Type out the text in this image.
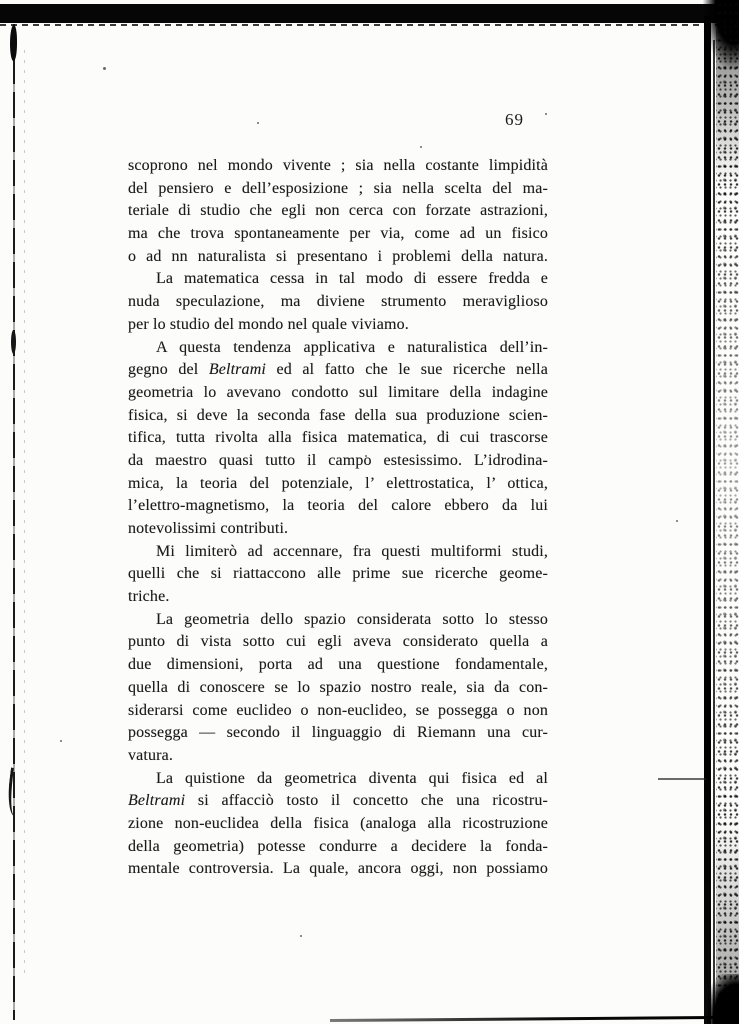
69
scoprono nel mondo vivente ; sia nella costante limpidità
del pensiero e dell’esposizione ; sia nella scelta del ma-
teriale di studio che egli non cerca con forzate astrazioni,
ma che trova spontaneamente per via, come ad un fisico
o ad nn naturalista si presentano i problemi della natura.
La matematica cessa in tal modo di essere fredda e
nuda speculazione, ma diviene strumento meraviglioso
per lo studio del mondo nel quale viviamo.
A questa tendenza applicativa e naturalistica dell’in-
gegno del Beltrami ed al fatto che le sue ricerche nella
geometria lo avevano condotto sul limitare della indagine
fisica, si deve la seconda fase della sua produzione scien-
tifica, tutta rivolta alla fisica matematica, di cui trascorse
da maestro quasi tutto il campo estesissimo. L’idrodina-
mica, la teoria del potenziale, l’ elettrostatica, l’ ottica,
l’elettro-magnetismo, la teoria del calore ebbero da lui
notevolissimi contributi.
Mi limiterò ad accennare, fra questi multiformi studi,
quelli che si riattaccono alle prime sue ricerche geome-
triche.
La geometria dello spazio considerata sotto lo stesso
punto di vista sotto cui egli aveva considerato quella a
due dimensioni, porta ad una questione fondamentale,
quella di conoscere se lo spazio nostro reale, sia da con-
siderarsi come euclideo o non-euclideo, se possegga o non
possegga — secondo il linguaggio di Riemann una cur-
vatura.
La quistione da geometrica diventa qui fisica ed al
Beltrami si affacciò tosto il concetto che una ricostru-
zione non-euclidea della fisica (analoga alla ricostruzione
della geometria) potesse condurre a decidere la fonda-
mentale controversia. La quale, ancora oggi, non possiamo
